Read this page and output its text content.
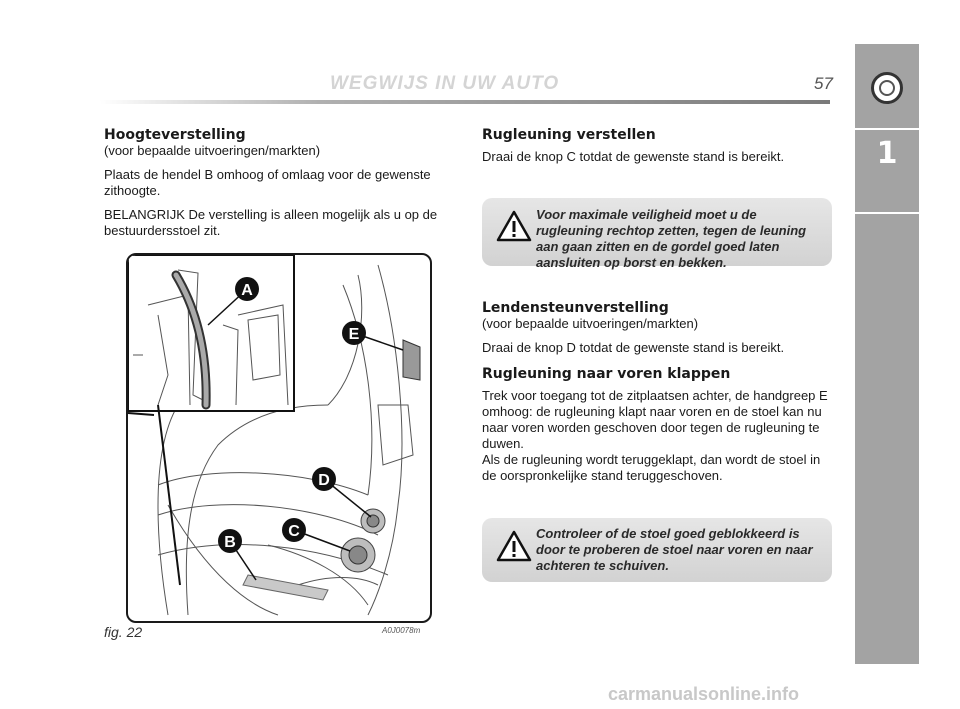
WEGWIJS IN UW AUTO	57
1
Hoogteverstelling

(voor bepaalde uitvoeringen/markten)

Plaats de hendel B omhoog of omlaag voor de gewenste zithoogte.

BELANGRIJK De verstelling is alleen mogelijk als u op de bestuurdersstoel zit.

A
E
D
C
B
fig. 22	A0J0078m
Rugleuning verstellen

Draai de knop C totdat de gewenste stand is bereikt.

Voor maximale veiligheid moet u de rugleuning rechtop zetten, tegen de leuning aan gaan zitten en de gordel goed laten aansluiten op borst en bekken.
Lendensteunverstelling

(voor bepaalde uitvoeringen/markten)

Draai de knop D totdat de gewenste stand is bereikt.

Rugleuning naar voren klappen

Trek voor toegang tot de zitplaatsen achter, de handgreep E omhoog: de rugleuning klapt naar voren en de stoel kan nu naar voren worden geschoven door tegen de rugleuning te duwen.

Als de rugleuning wordt teruggeklapt, dan wordt de stoel in de oorspronkelijke stand teruggeschoven.

Controleer of de stoel goed geblokkeerd is door te proberen de stoel naar voren en naar achteren te schuiven.
carmanualsonline.info
